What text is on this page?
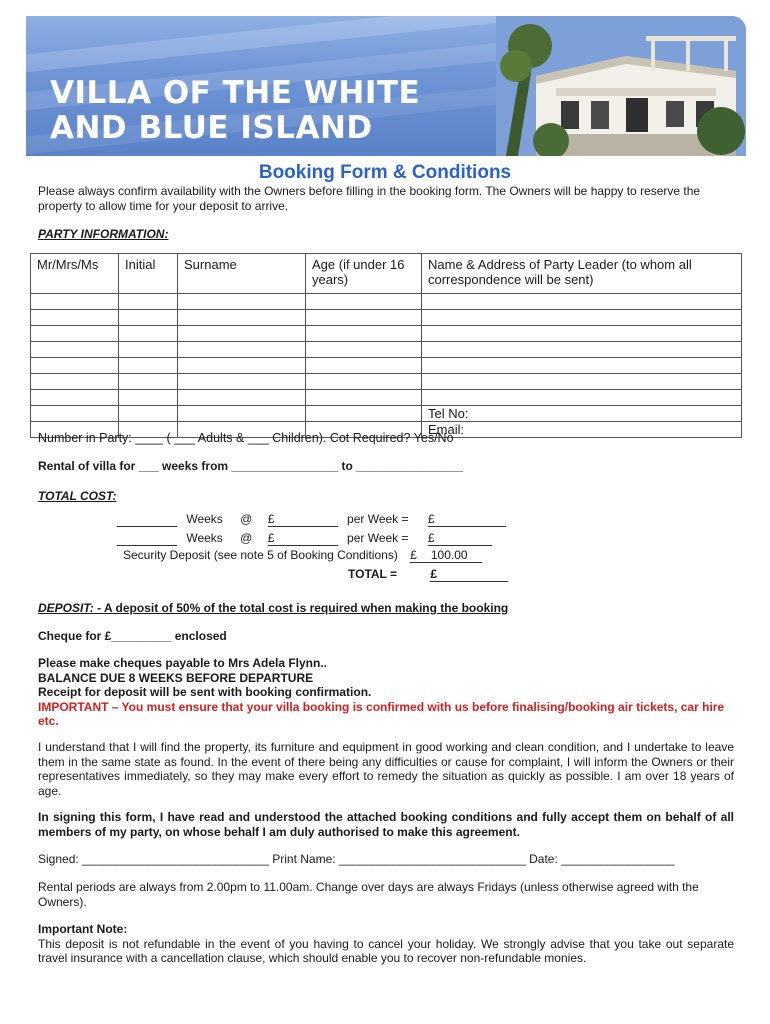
VILLA OF THE WHITE
AND BLUE ISLAND
Booking Form & Conditions

Please always confirm availability with the Owners before filling in the booking form. The Owners will be happy to reserve the property to allow time for your deposit to arrive.

PARTY INFORMATION:

Mr/Mrs/Ms	Initial	Surname	Age (if under 16 years)	Name & Address of Party Leader (to whom all correspondence will be sent)

				Tel No:

				Email:

Number in Party: ____ ( ___ Adults & ___ Children). Cot Required? Yes/No

Rental of villa for ___ weeks from ________________ to ________________

TOTAL COST:

Weeks @ £	per Week = £
Weeks @ £	per Week = £
Security Deposit (see note 5 of Booking Conditions) £ 100.00
TOTAL =	£

DEPOSIT: - A deposit of 50% of the total cost is required when making the booking

Cheque for £_________ enclosed

Please make cheques payable to Mrs Adela Flynn..
BALANCE DUE 8 WEEKS BEFORE DEPARTURE
Receipt for deposit will be sent with booking confirmation.
IMPORTANT – You must ensure that your villa booking is confirmed with us before finalising/booking air tickets, car hire etc.

I understand that I will find the property, its furniture and equipment in good working and clean condition, and I undertake to leave them in the same state as found. In the event of there being any difficulties or cause for complaint, I will inform the Owners or their representatives immediately, so they may make every effort to remedy the situation as quickly as possible. I am over 18 years of age.

In signing this form, I have read and understood the attached booking conditions and fully accept them on behalf of all members of my party, on whose behalf I am duly authorised to make this agreement.

Signed: ____________________________ Print Name: ____________________________ Date: _________________

Rental periods are always from 2.00pm to 11.00am. Change over days are always Fridays (unless otherwise agreed with the Owners).

Important Note:
This deposit is not refundable in the event of you having to cancel your holiday. We strongly advise that you take out separate travel insurance with a cancellation clause, which should enable you to recover non-refundable monies.
